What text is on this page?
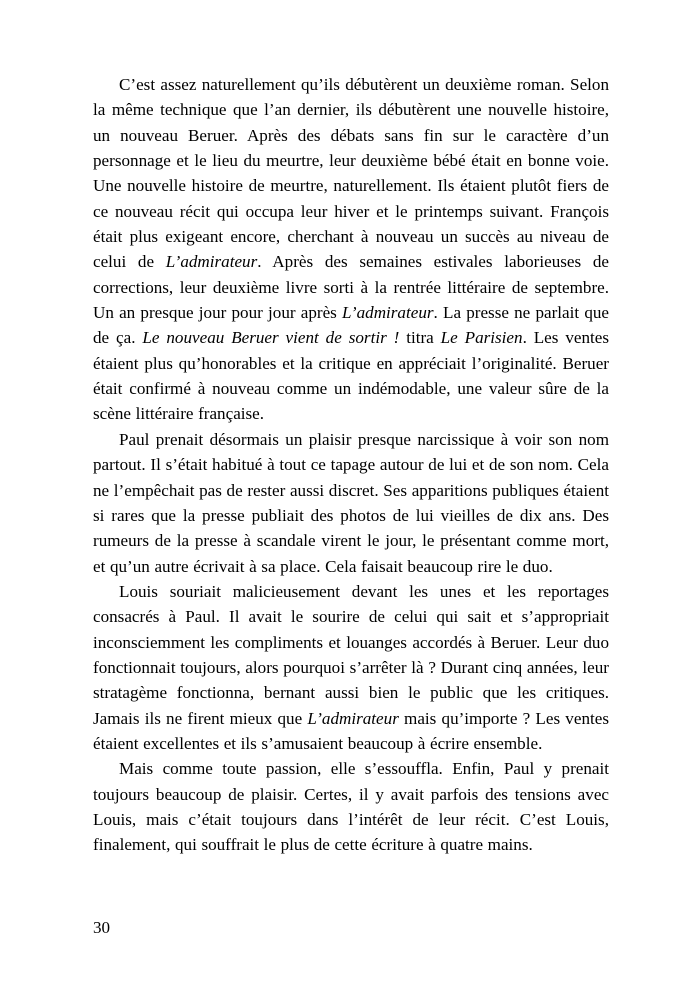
C’est assez naturellement qu’ils débutèrent un deuxième roman. Selon la même technique que l’an dernier, ils débutèrent une nouvelle histoire, un nouveau Beruer. Après des débats sans fin sur le caractère d’un personnage et le lieu du meurtre, leur deuxième bébé était en bonne voie. Une nouvelle histoire de meurtre, naturellement. Ils étaient plutôt fiers de ce nouveau récit qui occupa leur hiver et le printemps suivant. François était plus exigeant encore, cherchant à nouveau un succès au niveau de celui de L’admirateur. Après des semaines estivales laborieuses de corrections, leur deuxième livre sorti à la rentrée littéraire de septembre. Un an presque jour pour jour après L’admirateur. La presse ne parlait que de ça. Le nouveau Beruer vient de sortir ! titra Le Parisien. Les ventes étaient plus qu’honorables et la critique en appréciait l’originalité. Beruer était confirmé à nouveau comme un indémodable, une valeur sûre de la scène littéraire française.

Paul prenait désormais un plaisir presque narcissique à voir son nom partout. Il s’était habitué à tout ce tapage autour de lui et de son nom. Cela ne l’empêchait pas de rester aussi discret. Ses apparitions publiques étaient si rares que la presse publiait des photos de lui vieilles de dix ans. Des rumeurs de la presse à scandale virent le jour, le présentant comme mort, et qu’un autre écrivait à sa place. Cela faisait beaucoup rire le duo.

Louis souriait malicieusement devant les unes et les reportages consacrés à Paul. Il avait le sourire de celui qui sait et s’appropriait inconsciemment les compliments et louanges accordés à Beruer. Leur duo fonctionnait toujours, alors pourquoi s’arrêter là ? Durant cinq années, leur stratagème fonctionna, bernant aussi bien le public que les critiques. Jamais ils ne firent mieux que L’admirateur mais qu’importe ? Les ventes étaient excellentes et ils s’amusaient beaucoup à écrire ensemble.

Mais comme toute passion, elle s’essouffla. Enfin, Paul y prenait toujours beaucoup de plaisir. Certes, il y avait parfois des tensions avec Louis, mais c’était toujours dans l’intérêt de leur récit. C’est Louis, finalement, qui souffrait le plus de cette écriture à quatre mains.

30
